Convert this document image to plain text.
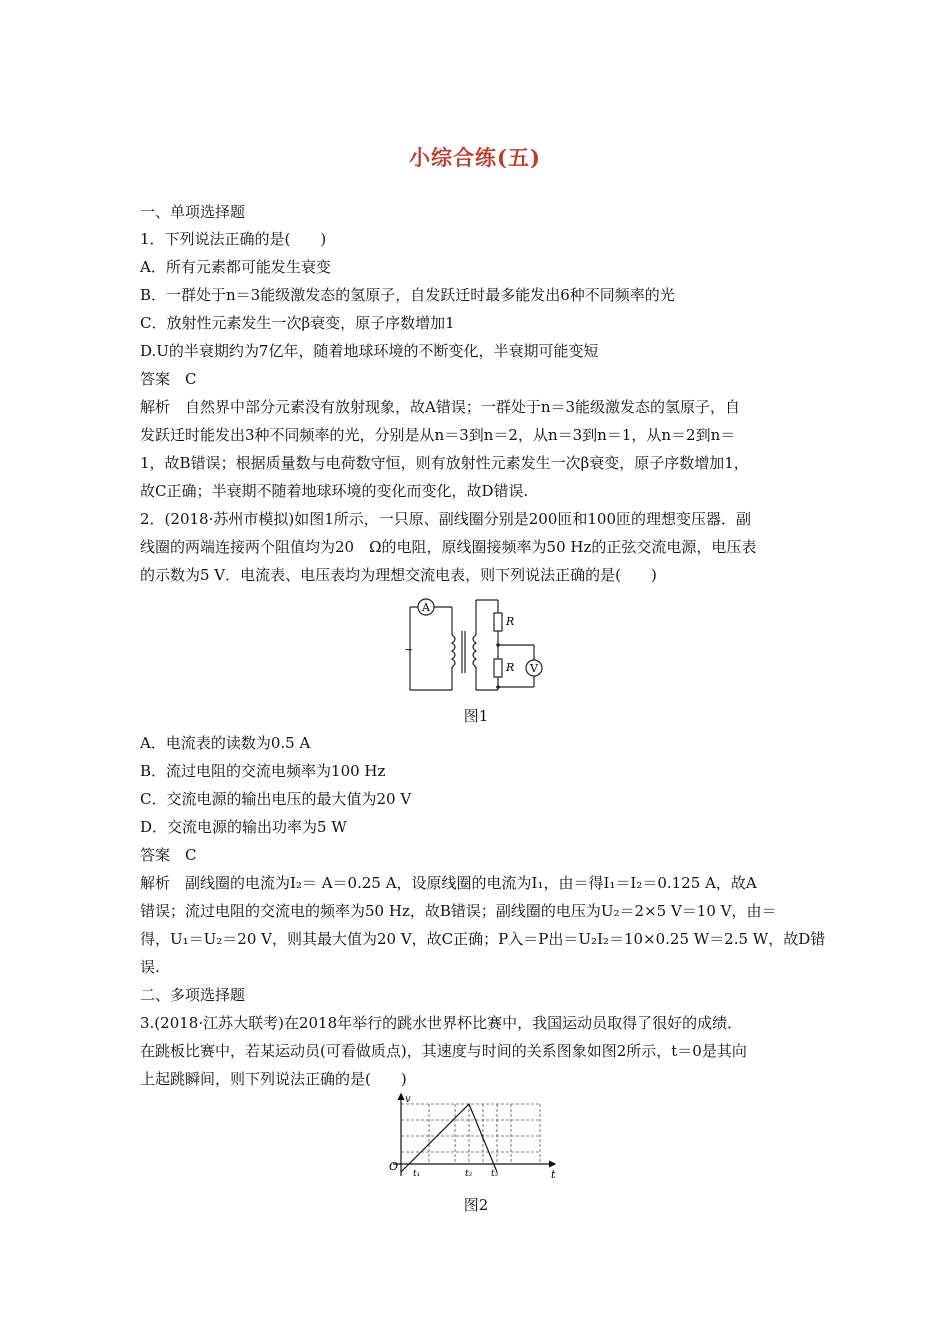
小综合练(五)
一、单项选择题
1．下列说法正确的是(　　)
A．所有元素都可能发生衰变
B．一群处于n＝3能级激发态的氢原子，自发跃迁时最多能发出6种不同频率的光
C．放射性元素发生一次β衰变，原子序数增加1
D.U的半衰期约为7亿年，随着地球环境的不断变化，半衰期可能变短
答案　C
解析　自然界中部分元素没有放射现象，故A错误；一群处于n＝3能级激发态的氢原子，自
发跃迁时能发出3种不同频率的光，分别是从n＝3到n＝2，从n＝3到n＝1，从n＝2到n＝
1，故B错误；根据质量数与电荷数守恒，则有放射性元素发生一次β衰变，原子序数增加1，
故C正确；半衰期不随着地球环境的变化而变化，故D错误.
2．(2018·苏州市模拟)如图1所示，一只原、副线圈分别是200匝和100匝的理想变压器．副
线圈的两端连接两个阻值均为20　Ω的电阻，原线圈接频率为50 Hz的正弦交流电源，电压表
的示数为5 V．电流表、电压表均为理想交流电表，则下列说法正确的是(　　)
A
V
R
R
~
图1
A．电流表的读数为0.5 A
B．流过电阻的交流电频率为100 Hz
C．交流电源的输出电压的最大值为20 V
D．交流电源的输出功率为5 W
答案　C
解析　副线圈的电流为I₂＝ A＝0.25 A，设原线圈的电流为I₁，由＝得I₁＝I₂＝0.125 A，故A
错误；流过电阻的交流电的频率为50 Hz，故B错误；副线圈的电压为U₂＝2×5 V＝10 V，由＝
得，U₁＝U₂＝20 V，则其最大值为20 V，故C正确；P入＝P出＝U₂I₂＝10×0.25 W＝2.5 W，故D错
误.
二、多项选择题
3.(2018·江苏大联考)在2018年举行的跳水世界杯比赛中，我国运动员取得了很好的成绩．
在跳板比赛中，若某运动员(可看做质点)，其速度与时间的关系图象如图2所示，t＝0是其向
上起跳瞬间，则下列说法正确的是(　　)
v
O
t
t₁	t₂ t₃
图2
